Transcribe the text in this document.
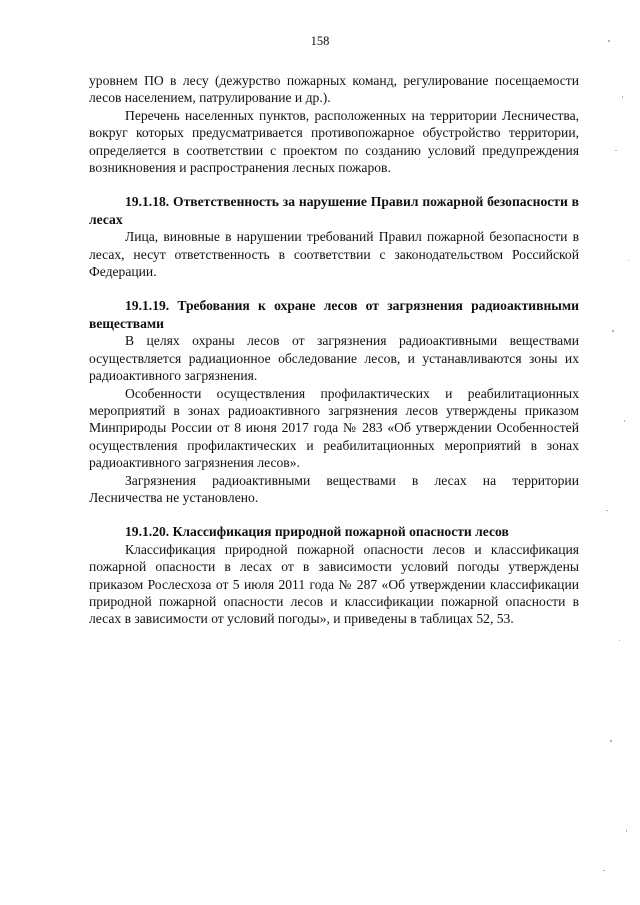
158

уровнем ПО в лесу (дежурство пожарных команд, регулирование посещаемости лесов населением, патрулирование и др.).

Перечень населенных пунктов, расположенных на территории Лесничества, вокруг которых предусматривается противопожарное обустройство территории, определяется в соответствии с проектом по созданию условий предупреждения возникновения и распространения лесных пожаров.

19.1.18. Ответственность за нарушение Правил пожарной безопасности в лесах

Лица, виновные в нарушении требований Правил пожарной безопасности в лесах, несут ответственность в соответствии с законодательством Российской Федерации.

19.1.19. Требования к охране лесов от загрязнения радиоактивными веществами

В целях охраны лесов от загрязнения радиоактивными веществами осуществляется радиационное обследование лесов, и устанавливаются зоны их радиоактивного загрязнения.

Особенности осуществления профилактических и реабилитационных мероприятий в зонах радиоактивного загрязнения лесов утверждены приказом Минприроды России от 8 июня 2017 года № 283 «Об утверждении Особенностей осуществления профилактических и реабилитационных мероприятий в зонах радиоактивного загрязнения лесов».

Загрязнения радиоактивными веществами в лесах на территории Лесничества не установлено.

19.1.20. Классификация природной пожарной опасности лесов

Классификация природной пожарной опасности лесов и классификация пожарной опасности в лесах от в зависимости условий погоды утверждены приказом Рослесхоза от 5 июля 2011 года № 287 «Об утверждении классификации природной пожарной опасности лесов и классификации пожарной опасности в лесах в зависимости от условий погоды», и приведены в таблицах 52, 53.
